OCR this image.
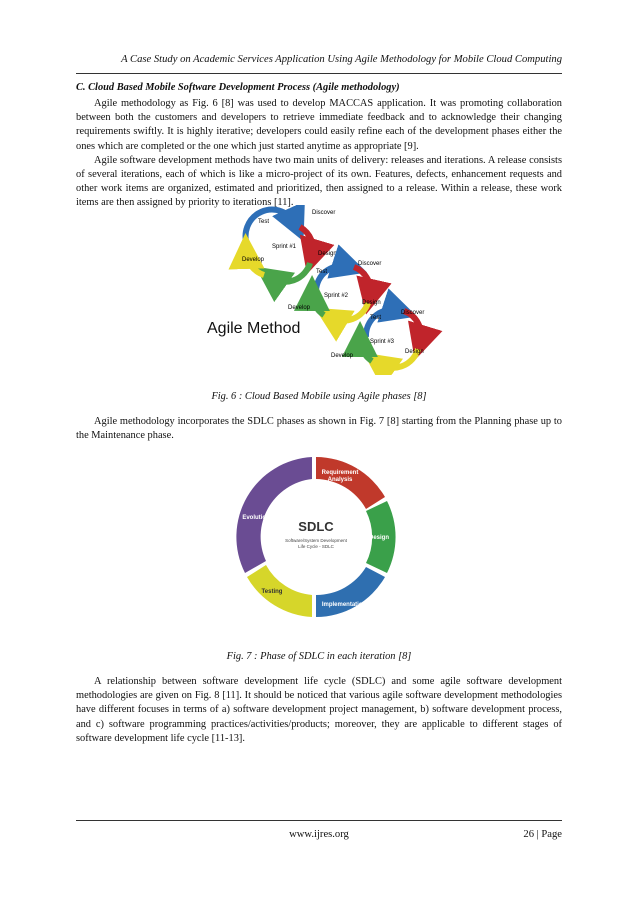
A Case Study on Academic Services Application Using Agile Methodology for Mobile Cloud Computing
C. Cloud Based Mobile Software Development Process (Agile methodology)

Agile methodology as Fig. 6 [8] was used to develop MACCAS application. It was promoting collaboration between both the customers and developers to retrieve immediate feedback and to acknowledge their changing requirements swiftly. It is highly iterative; developers could easily refine each of the development phases either the ones which are completed or the one which just started anytime as appropriate [9].

Agile software development methods have two main units of delivery: releases and iterations. A release consists of several iterations, each of which is like a micro-project of its own. Features, defects, enhancement requests and other work items are organized, estimated and prioritized, then assigned to a release. Within a release, these work items are then assigned by priority to iterations [11].

Test
Discover
Sprint #1
Design
Develop
Test
Discover
Sprint #2
Design
Develop
Test
Discover
Sprint #3
Design
Develop
Agile Method
Fig. 6 : Cloud Based Mobile using Agile phases [8]

Agile methodology incorporates the SDLC phases as shown in Fig. 7 [8] starting from the Planning phase up to the Maintenance phase.

SDLC
Software/System Development
Life Cycle - SDLC
Requirement
Analysis
Design
Implementation
Testing
Evolution
Fig. 7 : Phase of SDLC in each iteration [8]

A relationship between software development life cycle (SDLC) and some agile software development methodologies are given on Fig. 8 [11]. It should be noticed that various agile software development methodologies have different focuses in terms of a) software development project management, b) software development process, and c) software programming practices/activities/products; moreover, they are applicable to different stages of software development life cycle [11-13].

www.ijres.org	26 | Page
